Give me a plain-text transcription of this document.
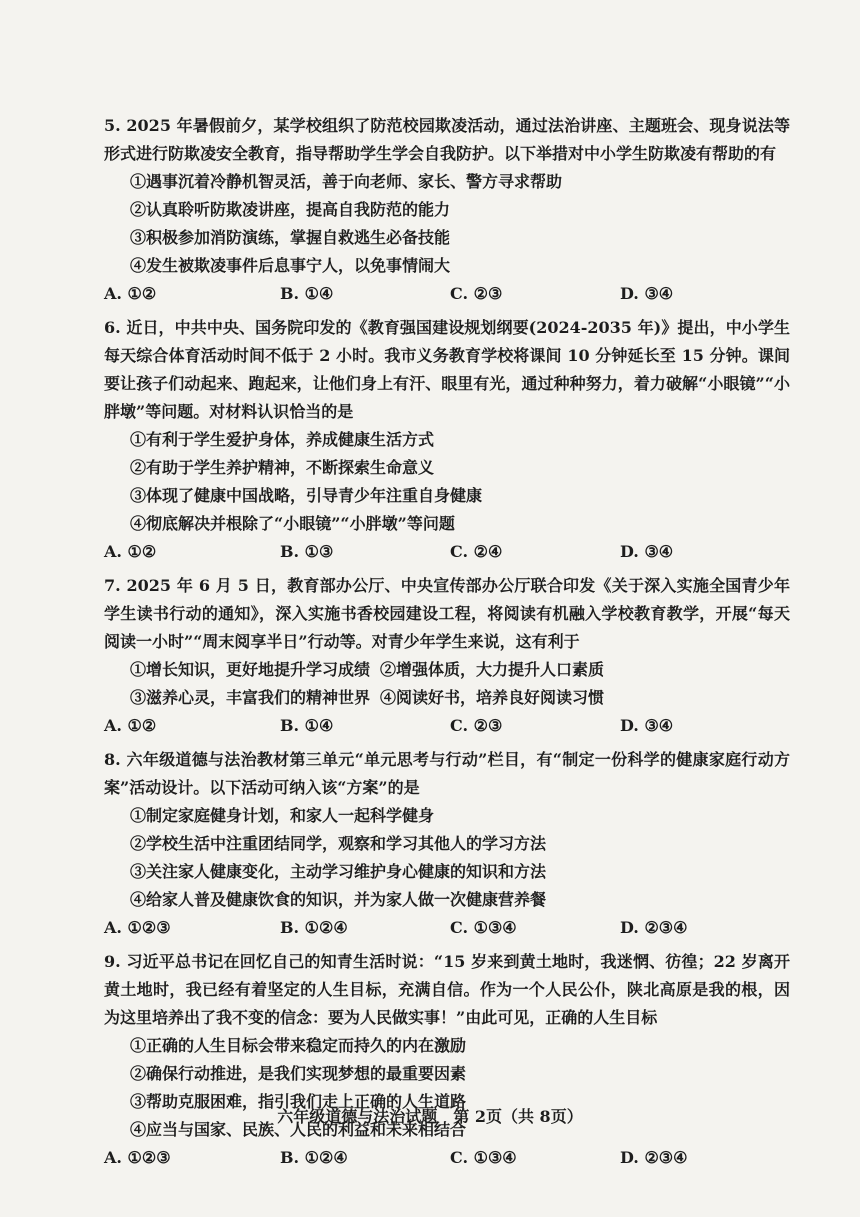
5. 2025 年暑假前夕，某学校组织了防范校园欺凌活动，通过法治讲座、主题班会、现身说法等形式进行防欺凌安全教育，指导帮助学生学会自我防护。以下举措对中小学生防欺凌有帮助的有
①遇事沉着冷静机智灵活，善于向老师、家长、警方寻求帮助
②认真聆听防欺凌讲座，提高自我防范的能力
③积极参加消防演练，掌握自救逃生必备技能
④发生被欺凌事件后息事宁人，以免事情闹大
A. ①②	B. ①④	C. ②③	D. ③④
6. 近日，中共中央、国务院印发的《教育强国建设规划纲要(2024-2035 年)》提出，中小学生每天综合体育活动时间不低于 2 小时。我市义务教育学校将课间 10 分钟延长至 15 分钟。课间要让孩子们动起来、跑起来，让他们身上有汗、眼里有光，通过种种努力，着力破解“小眼镜”“小胖墩”等问题。对材料认识恰当的是
①有利于学生爱护身体，养成健康生活方式
②有助于学生养护精神，不断探索生命意义
③体现了健康中国战略，引导青少年注重自身健康
④彻底解决并根除了“小眼镜”“小胖墩”等问题
A. ①②	B. ①③	C. ②④	D. ③④
7. 2025 年 6 月 5 日，教育部办公厅、中央宣传部办公厅联合印发《关于深入实施全国青少年学生读书行动的通知》，深入实施书香校园建设工程，将阅读有机融入学校教育教学，开展“每天阅读一小时”“周末阅享半日”行动等。对青少年学生来说，这有利于
①增长知识，更好地提升学习成绩 ②增强体质，大力提升人口素质
③滋养心灵，丰富我们的精神世界 ④阅读好书，培养良好阅读习惯
A. ①②	B. ①④	C. ②③	D. ③④
8. 六年级道德与法治教材第三单元“单元思考与行动”栏目，有“制定一份科学的健康家庭行动方案”活动设计。以下活动可纳入该“方案”的是
①制定家庭健身计划，和家人一起科学健身
②学校生活中注重团结同学，观察和学习其他人的学习方法
③关注家人健康变化，主动学习维护身心健康的知识和方法
④给家人普及健康饮食的知识，并为家人做一次健康营养餐
A. ①②③	B. ①②④	C. ①③④	D. ②③④
9. 习近平总书记在回忆自己的知青生活时说：“15 岁来到黄土地时，我迷惘、彷徨；22 岁离开黄土地时，我已经有着坚定的人生目标，充满自信。作为一个人民公仆，陕北高原是我的根，因为这里培养出了我不变的信念：要为人民做实事！”由此可见，正确的人生目标
①正确的人生目标会带来稳定而持久的内在激励
②确保行动推进，是我们实现梦想的最重要因素
③帮助克服困难，指引我们走上正确的人生道路
④应当与国家、民族、人民的利益和未来相结合
A. ①②③	B. ①②④	C. ①③④	D. ②③④
六年级道德与法治试题　第 2页（共 8页）
